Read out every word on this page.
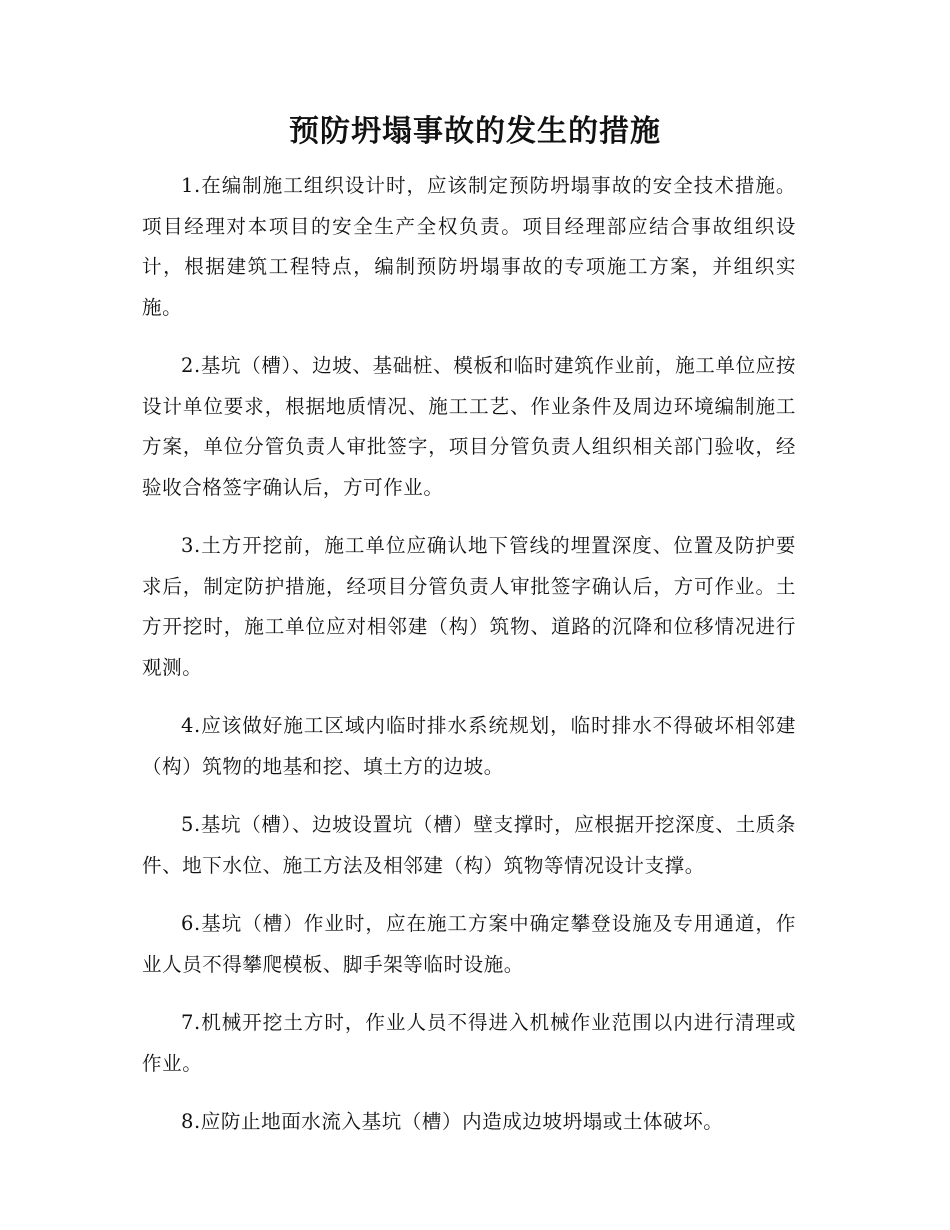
预防坍塌事故的发生的措施

1.在编制施工组织设计时，应该制定预防坍塌事故的安全技术措施。项目经理对本项目的安全生产全权负责。项目经理部应结合事故组织设计，根据建筑工程特点，编制预防坍塌事故的专项施工方案，并组织实施。

2.基坑（槽）、边坡、基础桩、模板和临时建筑作业前，施工单位应按设计单位要求，根据地质情况、施工工艺、作业条件及周边环境编制施工方案，单位分管负责人审批签字，项目分管负责人组织相关部门验收，经验收合格签字确认后，方可作业。

3.土方开挖前，施工单位应确认地下管线的埋置深度、位置及防护要求后，制定防护措施，经项目分管负责人审批签字确认后，方可作业。土方开挖时，施工单位应对相邻建（构）筑物、道路的沉降和位移情况进行观测。

4.应该做好施工区域内临时排水系统规划，临时排水不得破坏相邻建（构）筑物的地基和挖、填土方的边坡。

5.基坑（槽）、边坡设置坑（槽）壁支撑时，应根据开挖深度、土质条件、地下水位、施工方法及相邻建（构）筑物等情况设计支撑。

6.基坑（槽）作业时，应在施工方案中确定攀登设施及专用通道，作业人员不得攀爬模板、脚手架等临时设施。

7.机械开挖土方时，作业人员不得进入机械作业范围以内进行清理或作业。

8.应防止地面水流入基坑（槽）内造成边坡坍塌或土体破坏。
